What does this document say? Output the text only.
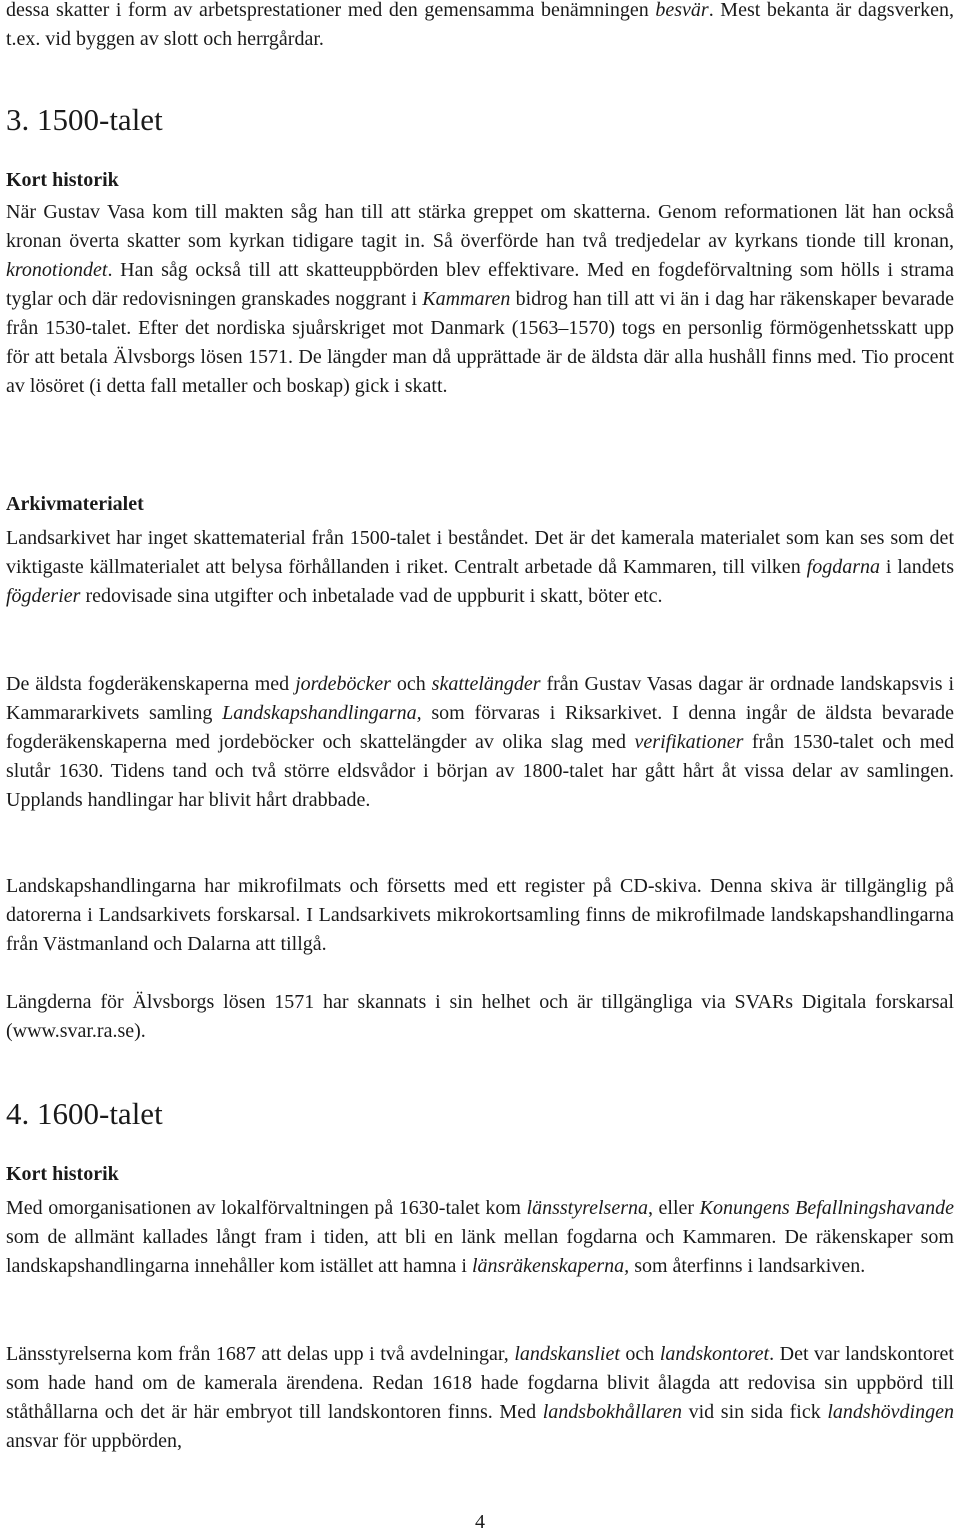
dessa skatter i form av arbetsprestationer med den gemensamma benämningen besvär. Mest bekanta är dagsverken, t.ex. vid byggen av slott och herrgårdar.

3. 1500-talet
Kort historik

När Gustav Vasa kom till makten såg han till att stärka greppet om skatterna. Genom reformationen lät han också kronan överta skatter som kyrkan tidigare tagit in. Så överförde han två tredjedelar av kyrkans tionde till kronan, kronotiondet. Han såg också till att skatteuppbörden blev effektivare. Med en fogdeförvaltning som hölls i strama tyglar och där redovisningen granskades noggrant i Kammaren bidrog han till att vi än i dag har räkenskaper bevarade från 1530-talet. Efter det nordiska sjuårskriget mot Danmark (1563–1570) togs en personlig förmögenhetsskatt upp för att betala Älvsborgs lösen 1571. De längder man då upprättade är de äldsta där alla hushåll finns med. Tio procent av lösöret (i detta fall metaller och boskap) gick i skatt.

Arkivmaterialet

Landsarkivet har inget skattematerial från 1500-talet i beståndet. Det är det kamerala materialet som kan ses som det viktigaste källmaterialet att belysa förhållanden i riket. Centralt arbetade då Kammaren, till vilken fogdarna i landets fögderier redovisade sina utgifter och inbetalade vad de uppburit i skatt, böter etc.

De äldsta fogderäkenskaperna med jordeböcker och skattelängder från Gustav Vasas dagar är ordnade landskapsvis i Kammararkivets samling Landskapshandlingarna, som förvaras i Riksarkivet. I denna ingår de äldsta bevarade fogderäkenskaperna med jordeböcker och skattelängder av olika slag med verifikationer från 1530-talet och med slutår 1630. Tidens tand och två större eldsvådor i början av 1800-talet har gått hårt åt vissa delar av samlingen. Upplands handlingar har blivit hårt drabbade.

Landskapshandlingarna har mikrofilmats och försetts med ett register på CD-skiva. Denna skiva är tillgänglig på datorerna i Landsarkivets forskarsal. I Landsarkivets mikrokortsamling finns de mikrofilmade landskapshandlingarna från Västmanland och Dalarna att tillgå.

Längderna för Älvsborgs lösen 1571 har skannats i sin helhet och är tillgängliga via SVARs Digitala forskarsal (www.svar.ra.se).

4. 1600-talet
Kort historik

Med omorganisationen av lokalförvaltningen på 1630-talet kom länsstyrelserna, eller Konungens Befallningshavande som de allmänt kallades långt fram i tiden, att bli en länk mellan fogdarna och Kammaren. De räkenskaper som landskapshandlingarna innehåller kom istället att hamna i länsräkenskaperna, som återfinns i landsarkiven.

Länsstyrelserna kom från 1687 att delas upp i två avdelningar, landskansliet och landskontoret. Det var landskontoret som hade hand om de kamerala ärendena. Redan 1618 hade fogdarna blivit ålagda att redovisa sin uppbörd till ståthållarna och det är här embryot till landskontoren finns. Med landsbokhållaren vid sin sida fick landshövdingen ansvar för uppbörden,

4
